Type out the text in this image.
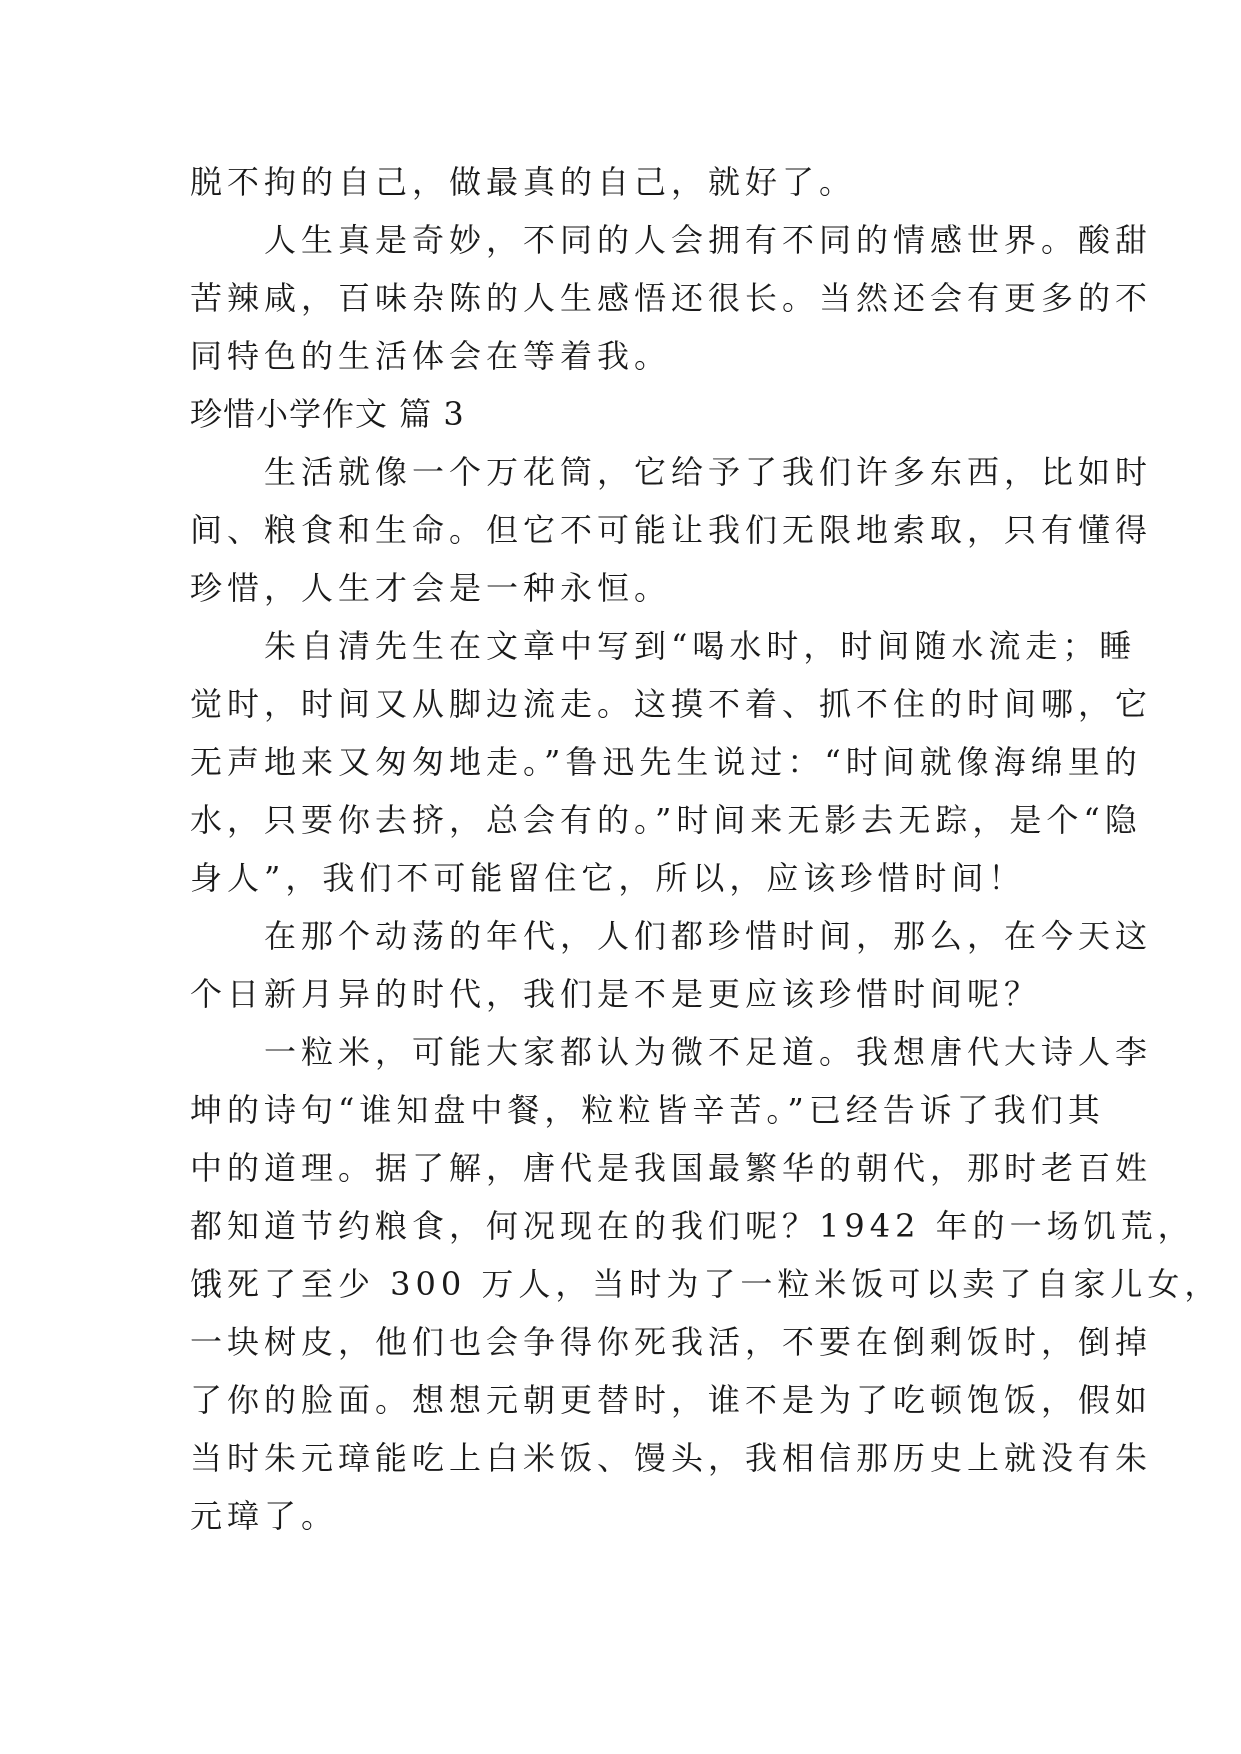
脱不拘的自己，做最真的自己，就好了。
　　人生真是奇妙，不同的人会拥有不同的情感世界。酸甜
苦辣咸，百味杂陈的人生感悟还很长。当然还会有更多的不
同特色的生活体会在等着我。
珍惜小学作文 篇 3
　　生活就像一个万花筒，它给予了我们许多东西，比如时
间、粮食和生命。但它不可能让我们无限地索取，只有懂得
珍惜，人生才会是一种永恒。
　　朱自清先生在文章中写到“喝水时，时间随水流走；睡
觉时，时间又从脚边流走。这摸不着、抓不住的时间哪，它
无声地来又匆匆地走。”鲁迅先生说过：“时间就像海绵里的
水，只要你去挤，总会有的。”时间来无影去无踪，是个“隐
身人”，我们不可能留住它，所以，应该珍惜时间！
　　在那个动荡的年代，人们都珍惜时间，那么，在今天这
个日新月异的时代，我们是不是更应该珍惜时间呢？
　　一粒米，可能大家都认为微不足道。我想唐代大诗人李
坤的诗句“谁知盘中餐，粒粒皆辛苦。”已经告诉了我们其
中的道理。据了解，唐代是我国最繁华的朝代，那时老百姓
都知道节约粮食，何况现在的我们呢？1942 年的一场饥荒，
饿死了至少 300 万人，当时为了一粒米饭可以卖了自家儿女，
一块树皮，他们也会争得你死我活，不要在倒剩饭时，倒掉
了你的脸面。想想元朝更替时，谁不是为了吃顿饱饭，假如
当时朱元璋能吃上白米饭、馒头，我相信那历史上就没有朱
元璋了。
